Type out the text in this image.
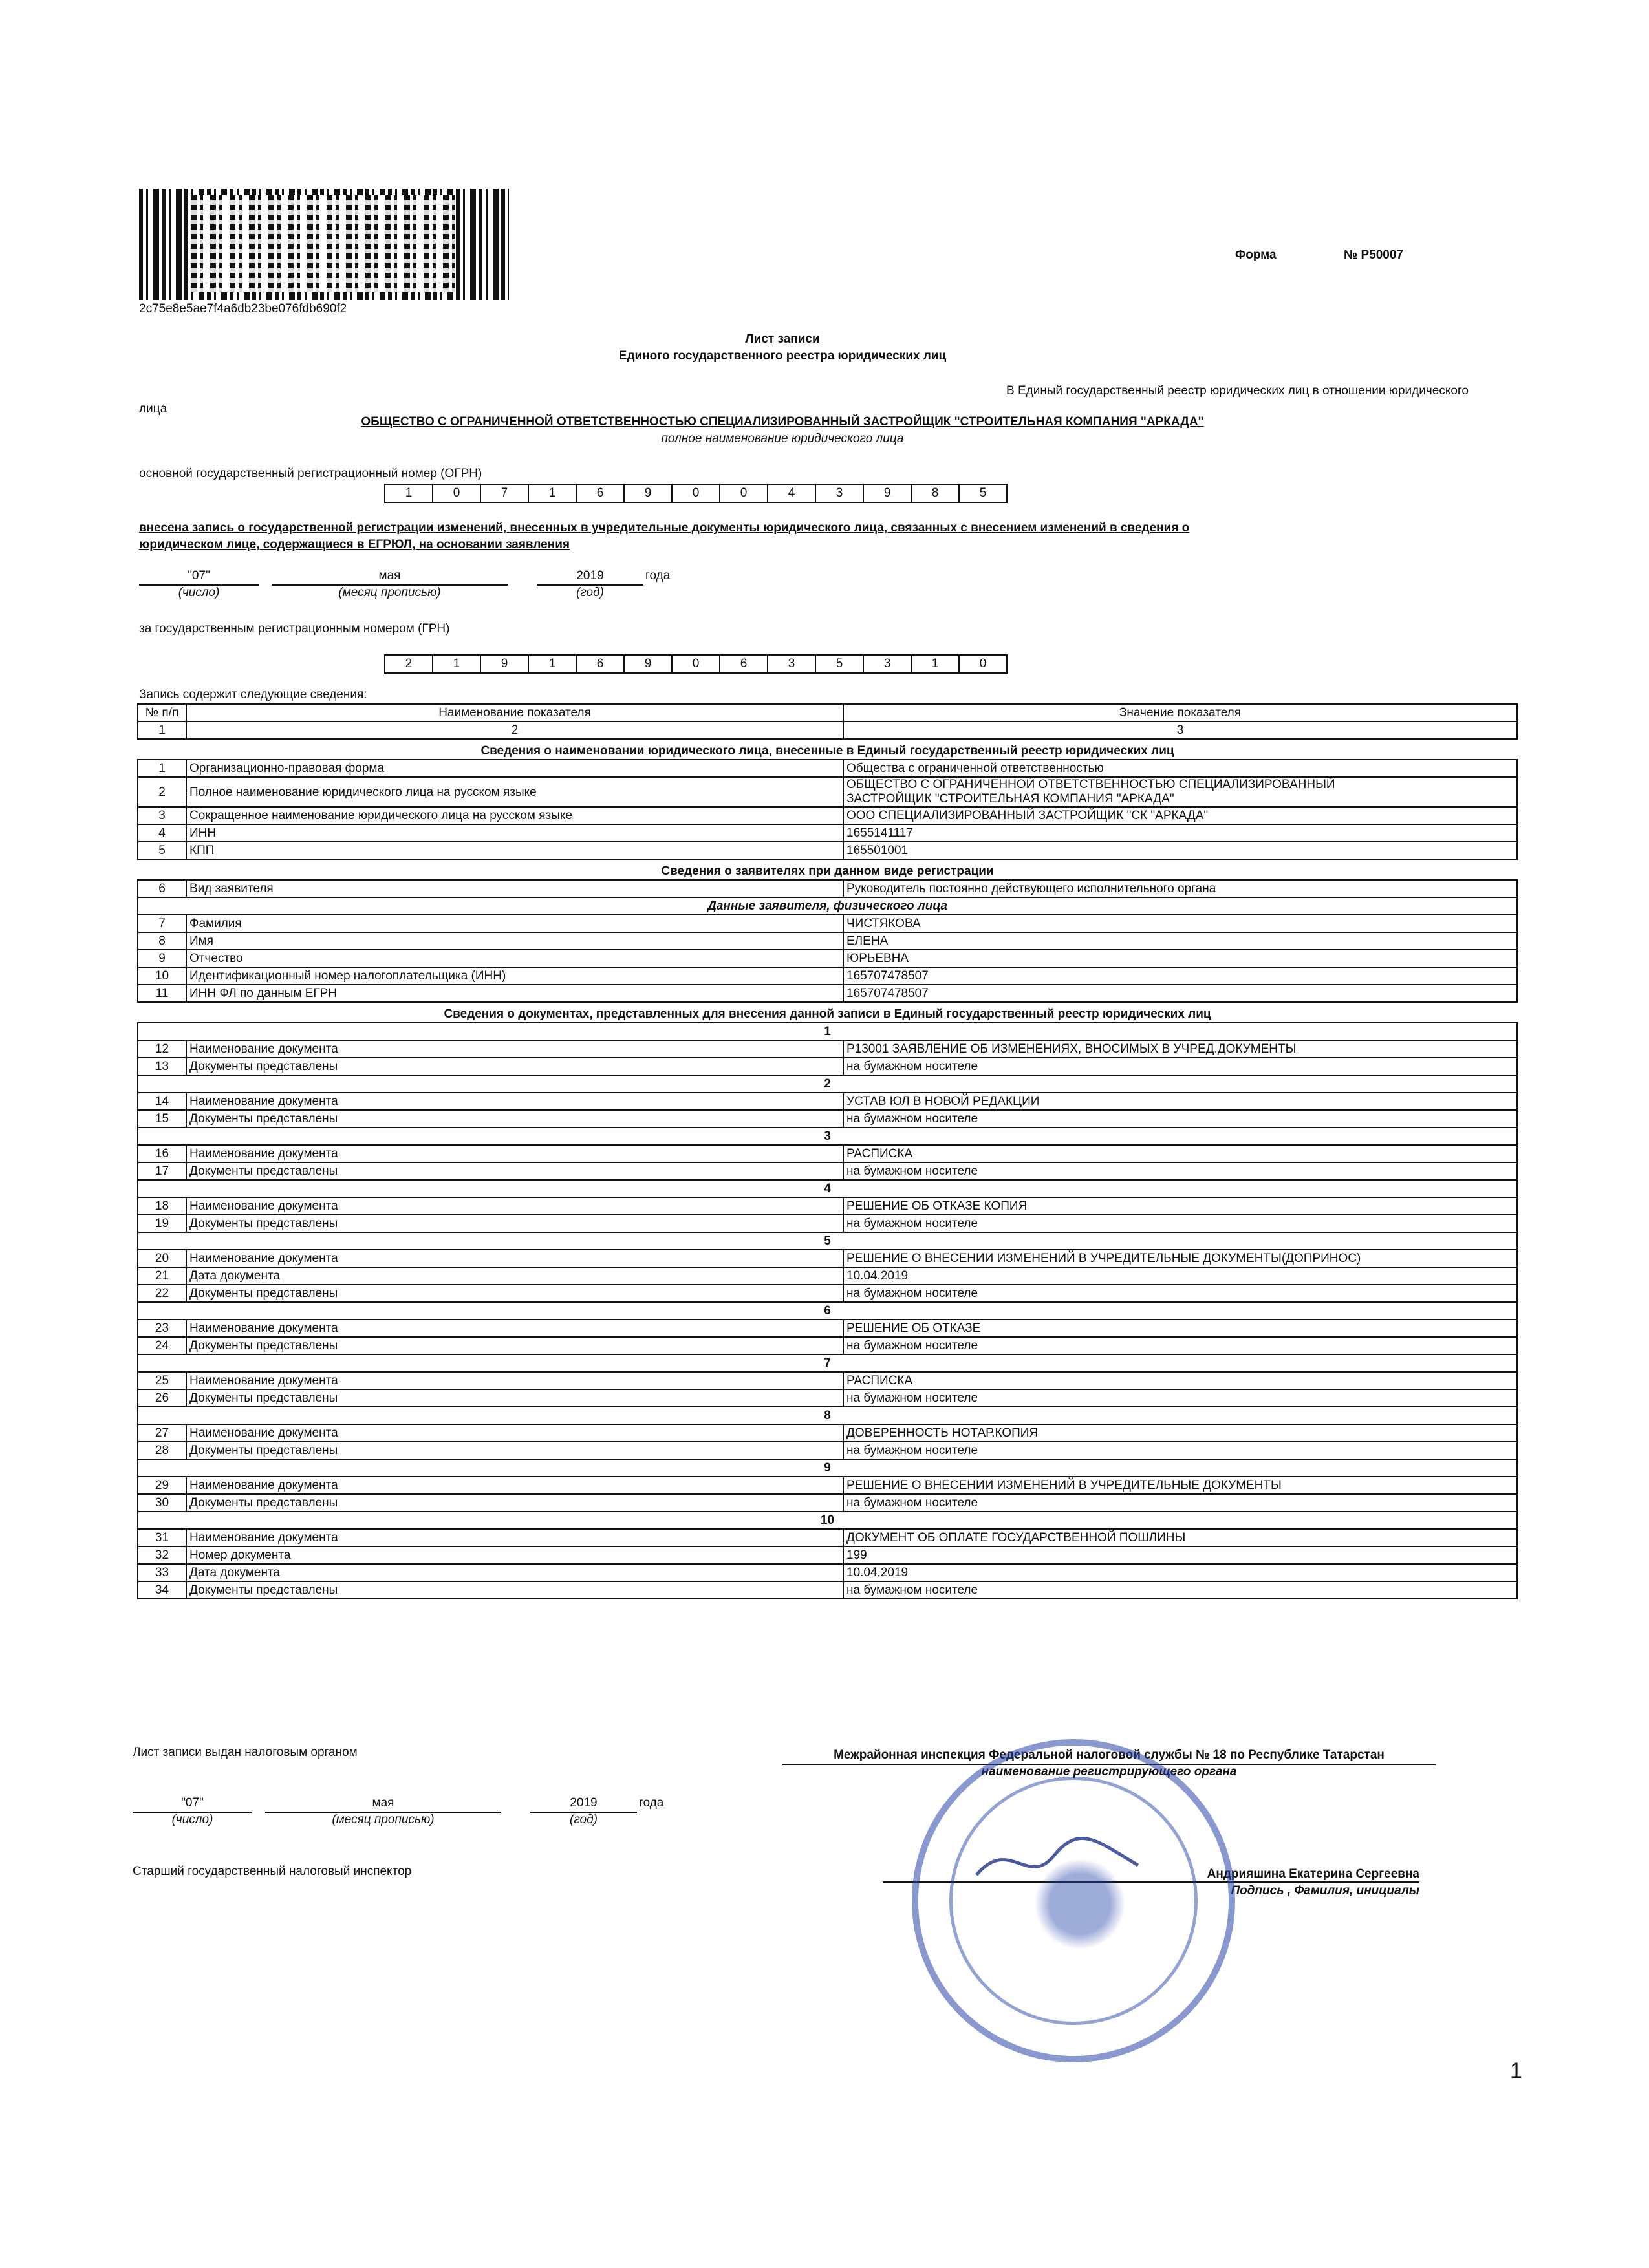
2c75e8e5ae7f4a6db23be076fdb690f2
Форма	№ Р50007
Лист записи
Единого государственного реестра юридических лиц
В Единый государственный реестр юридических лиц в отношении юридического
лица
ОБЩЕСТВО С ОГРАНИЧЕННОЙ ОТВЕТСТВЕННОСТЬЮ СПЕЦИАЛИЗИРОВАННЫЙ ЗАСТРОЙЩИК "СТРОИТЕЛЬНАЯ КОМПАНИЯ "АРКАДА"
полное наименование юридического лица
основной государственный регистрационный номер (ОГРН)
1	0	7	1	6	9	0	0	4	3	9	8	5
внесена запись о государственной регистрации изменений, внесенных в учредительные документы юридического лица, связанных с внесением изменений в сведения о
юридическом лице, содержащиеся в ЕГРЮЛ, на основании заявления
"07"	мая	2019	года
(число)	(месяц прописью)	(год)
за государственным регистрационным номером (ГРН)
2	1	9	1	6	9	0	6	3	5	3	1	0
Запись содержит следующие сведения:
№ п/п	Наименование показателя	Значение показателя
1	2	3
Сведения о наименовании юридического лица, внесенные в Единый государственный реестр юридических лиц		
1	Организационно-правовая форма	Общества с ограниченной ответственностью
2	Полное наименование юридического лица на русском языке	ОБЩЕСТВО С ОГРАНИЧЕННОЙ ОТВЕТСТВЕННОСТЬЮ СПЕЦИАЛИЗИРОВАННЫЙ
ЗАСТРОЙЩИК "СТРОИТЕЛЬНАЯ КОМПАНИЯ "АРКАДА"

3	Сокращенное наименование юридического лица на русском языке	ООО СПЕЦИАЛИЗИРОВАННЫЙ ЗАСТРОЙЩИК "СК "АРКАДА"
4	ИНН	1655141117
5	КПП	165501001
Сведения о заявителях при данном виде регистрации		
6	Вид заявителя	Руководитель постоянно действующего исполнительного органа
Данные заявителя, физического лица		
7	Фамилия	ЧИСТЯКОВА
8	Имя	ЕЛЕНА
9	Отчество	ЮРЬЕВНА
10	Идентификационный номер налогоплательщика (ИНН)	165707478507
11	ИНН ФЛ по данным ЕГРН	165707478507
Сведения о документах, представленных для внесения данной записи в Единый государственный реестр юридических лиц		
1		
12	Наименование документа	Р13001 ЗАЯВЛЕНИЕ ОБ ИЗМЕНЕНИЯХ, ВНОСИМЫХ В УЧРЕД.ДОКУМЕНТЫ
13	Документы представлены	на бумажном носителе
2		
14	Наименование документа	УСТАВ ЮЛ В НОВОЙ РЕДАКЦИИ
15	Документы представлены	на бумажном носителе
3		
16	Наименование документа	РАСПИСКА
17	Документы представлены	на бумажном носителе
4		
18	Наименование документа	РЕШЕНИЕ ОБ ОТКАЗЕ КОПИЯ
19	Документы представлены	на бумажном носителе
5		
20	Наименование документа	РЕШЕНИЕ О ВНЕСЕНИИ ИЗМЕНЕНИЙ В УЧРЕДИТЕЛЬНЫЕ ДОКУМЕНТЫ(ДОПРИНОС)
21	Дата документа	10.04.2019
22	Документы представлены	на бумажном носителе
6		
23	Наименование документа	РЕШЕНИЕ ОБ ОТКАЗЕ
24	Документы представлены	на бумажном носителе
7		
25	Наименование документа	РАСПИСКА
26	Документы представлены	на бумажном носителе
8		
27	Наименование документа	ДОВЕРЕННОСТЬ НОТАР.КОПИЯ
28	Документы представлены	на бумажном носителе
9		
29	Наименование документа	РЕШЕНИЕ О ВНЕСЕНИИ ИЗМЕНЕНИЙ В УЧРЕДИТЕЛЬНЫЕ ДОКУМЕНТЫ
30	Документы представлены	на бумажном носителе
10		
31	Наименование документа	ДОКУМЕНТ ОБ ОПЛАТЕ ГОСУДАРСТВЕННОЙ ПОШЛИНЫ
32	Номер документа	199
33	Дата документа	10.04.2019
34	Документы представлены	на бумажном носителе
Лист записи выдан налоговым органом	Межрайонная инспекция Федеральной налоговой службы № 18 по Республике Татарстан
наименование регистрирующего органа
"07"	мая	2019	года
(число)	(месяц прописью)	(год)
Старший государственный налоговый инспектор	Андрияшина Екатерина Сергеевна
Подпись , Фамилия, инициалы
1
